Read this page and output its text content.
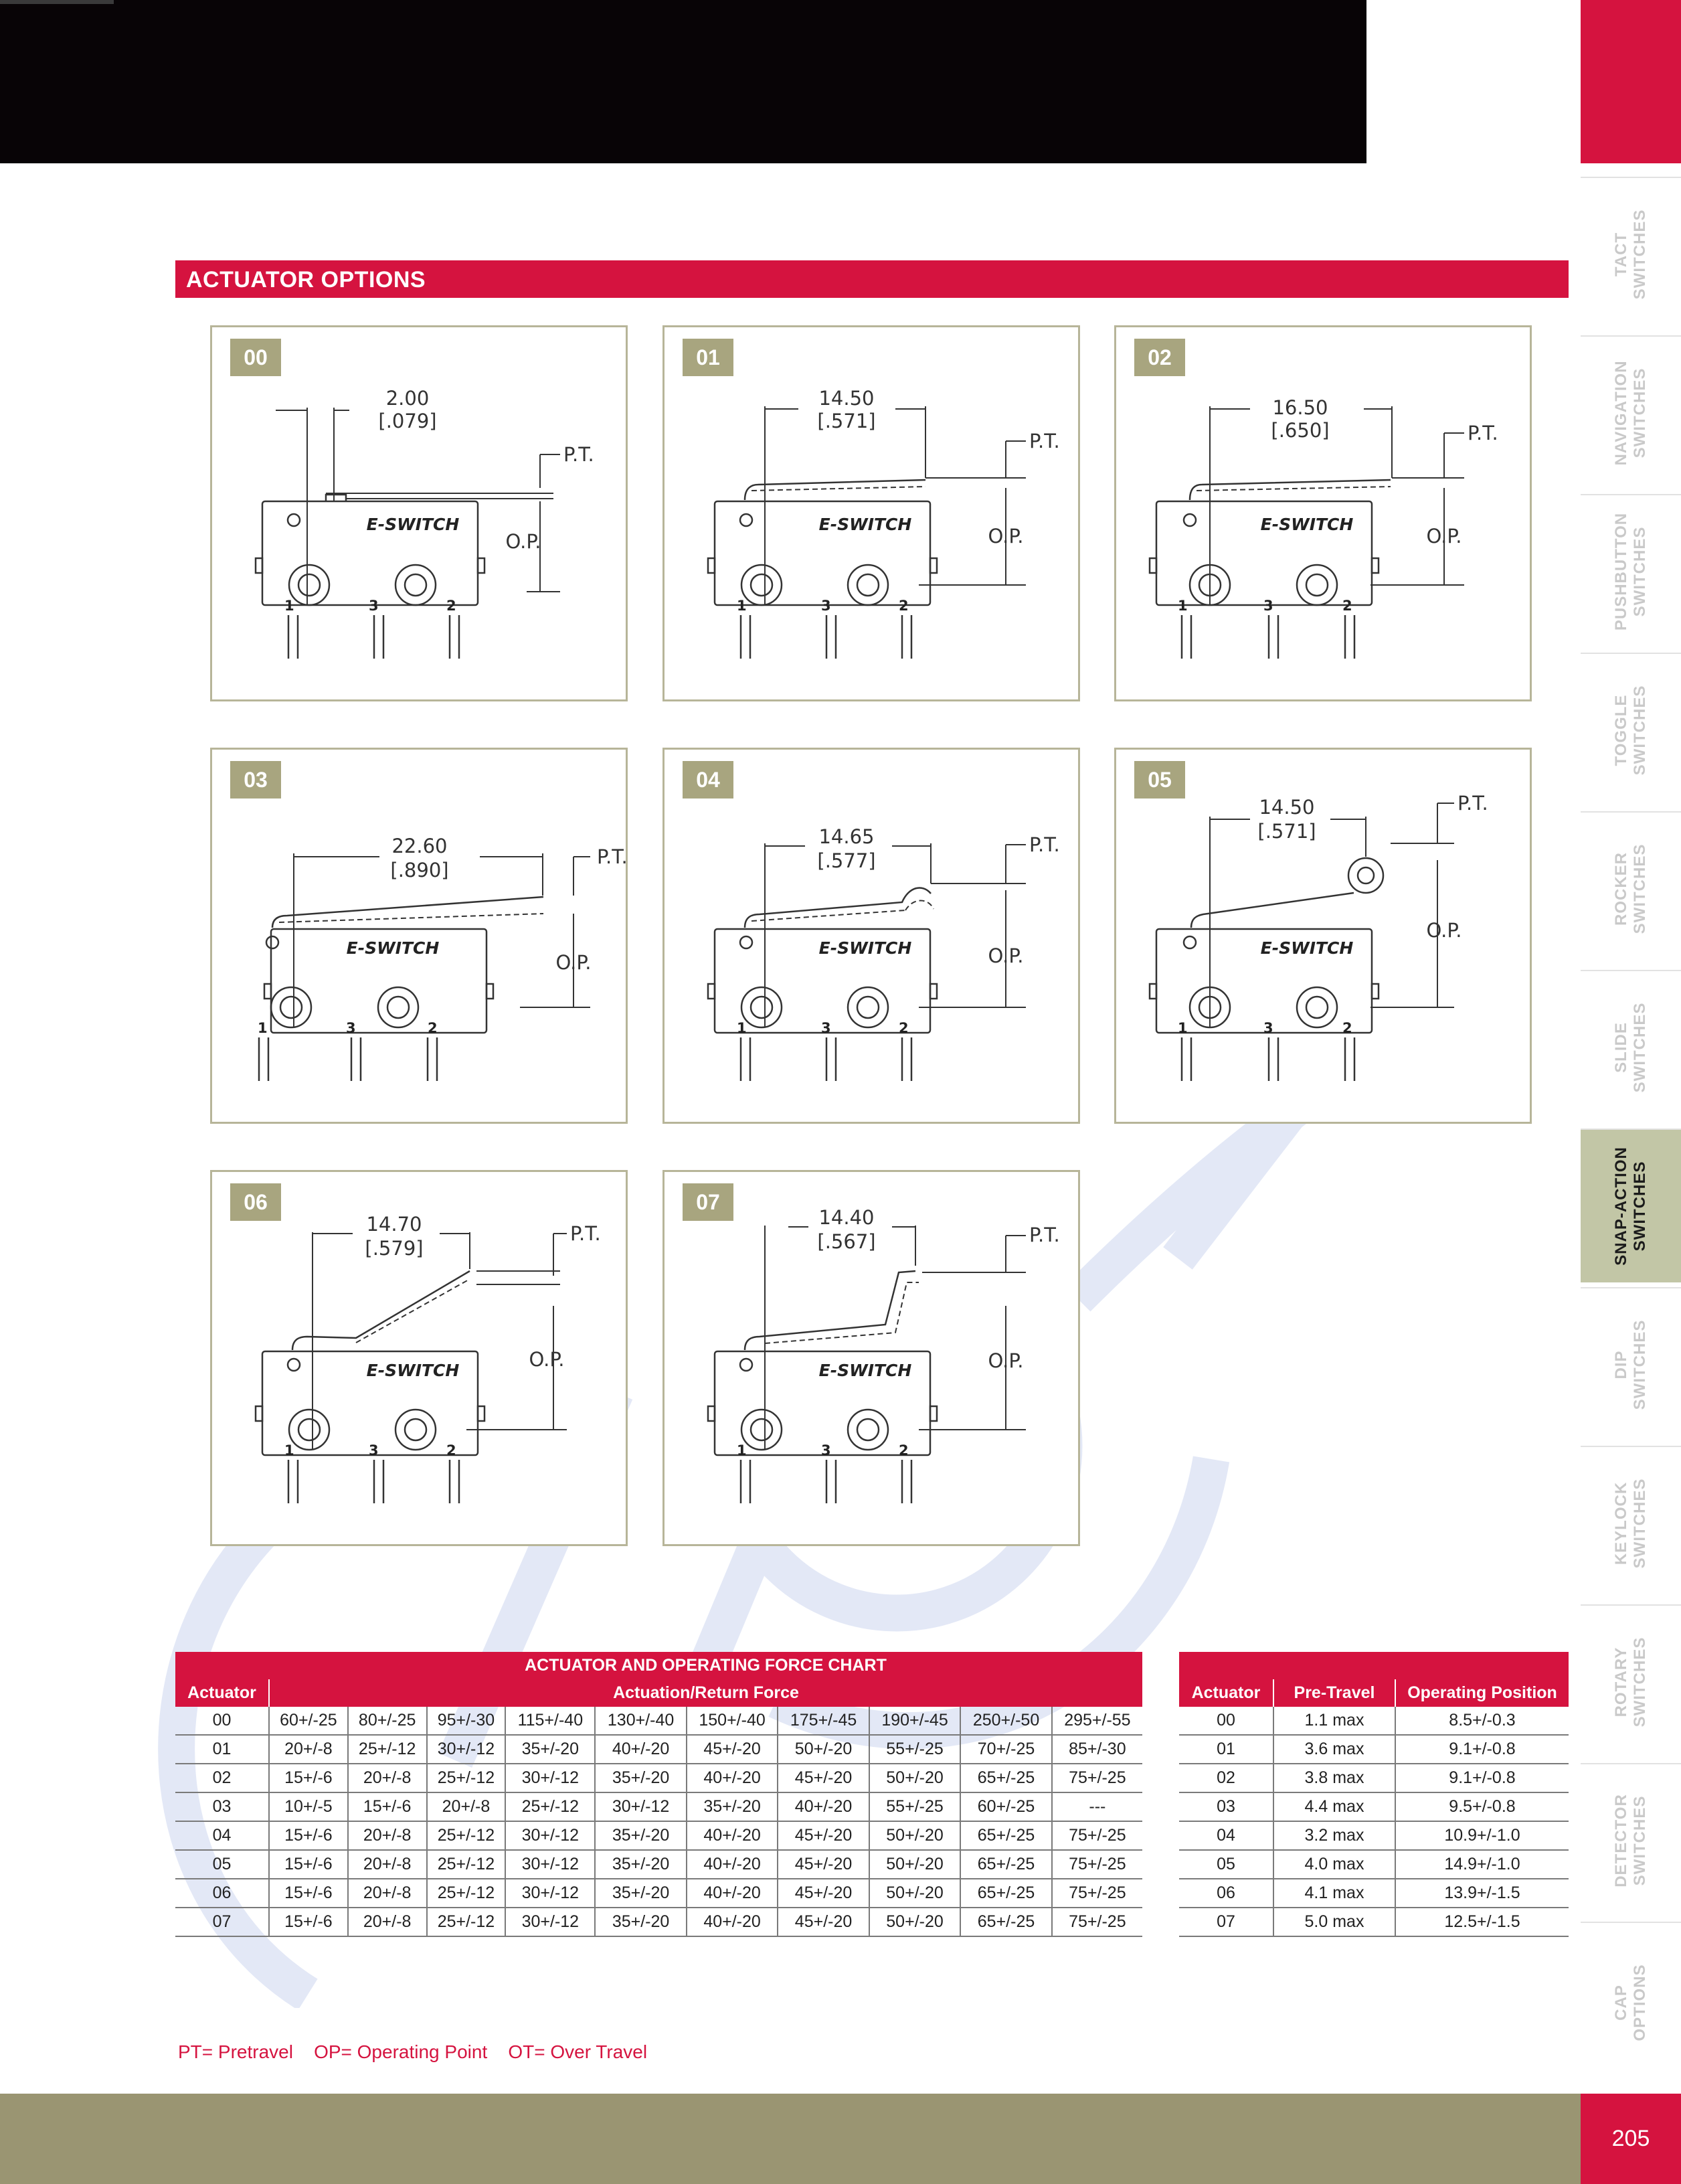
TACT
SWITCHES
NAVIGATION
SWITCHES
PUSHBUTTON
SWITCHES
TOGGLE
SWITCHES
ROCKER
SWITCHES
SLIDE
SWITCHES
SNAP-ACTION
SWITCHES
DIP
SWITCHES
KEYLOCK
SWITCHES
ROTARY
SWITCHES
DETECTOR
SWITCHES
CAP
OPTIONS
ACTUATOR OPTIONS
00
2.00
[.079]
P.T.
O.P.
E-SWITCH
1	3	2
01
14.50
[.571]
P.T.
O.P.
E-SWITCH
1	3	2
02
16.50
[.650]	P.T.
O.P.
E-SWITCH
1	3	2
03
22.60
[.890]
P.T.
O.P.
E-SWITCH
1	3	2
04
14.65
[.577]
P.T.
O.P.
E-SWITCH
1	3	2
05
14.50
[.571]
P.T.
O.P.
E-SWITCH
1	3	2
06
14.70
[.579]
P.T.
O.P.
E-SWITCH
1	3	2
07
14.40
[.567]	P.T.
O.P.
E-SWITCH
1	3	2
	ACTUATOR AND OPERATING FORCE CHART									
Actuator	Actuation/Return Force									
00	60+/-25	80+/-25	95+/-30	115+/-40	130+/-40	150+/-40	175+/-45	190+/-45	250+/-50	295+/-55
01	20+/-8	25+/-12	30+/-12	35+/-20	40+/-20	45+/-20	50+/-20	55+/-25	70+/-25	85+/-30
02	15+/-6	20+/-8	25+/-12	30+/-12	35+/-20	40+/-20	45+/-20	50+/-20	65+/-25	75+/-25
03	10+/-5	15+/-6	20+/-8	25+/-12	30+/-12	35+/-20	40+/-20	55+/-25	60+/-25	---
04	15+/-6	20+/-8	25+/-12	30+/-12	35+/-20	40+/-20	45+/-20	50+/-20	65+/-25	75+/-25
05	15+/-6	20+/-8	25+/-12	30+/-12	35+/-20	40+/-20	45+/-20	50+/-20	65+/-25	75+/-25
06	15+/-6	20+/-8	25+/-12	30+/-12	35+/-20	40+/-20	45+/-20	50+/-20	65+/-25	75+/-25
07	15+/-6	20+/-8	25+/-12	30+/-12	35+/-20	40+/-20	45+/-20	50+/-20	65+/-25	75+/-25

Actuator	Pre-Travel	Operating Position
00	1.1 max	8.5+/-0.3
01	3.6 max	9.1+/-0.8
02	3.8 max	9.1+/-0.8
03	4.4 max	9.5+/-0.8
04	3.2 max	10.9+/-1.0
05	4.0 max	14.9+/-1.0
06	4.1 max	13.9+/-1.5
07	5.0 max	12.5+/-1.5
PT= Pretravel    OP= Operating Point    OT= Over Travel
205
